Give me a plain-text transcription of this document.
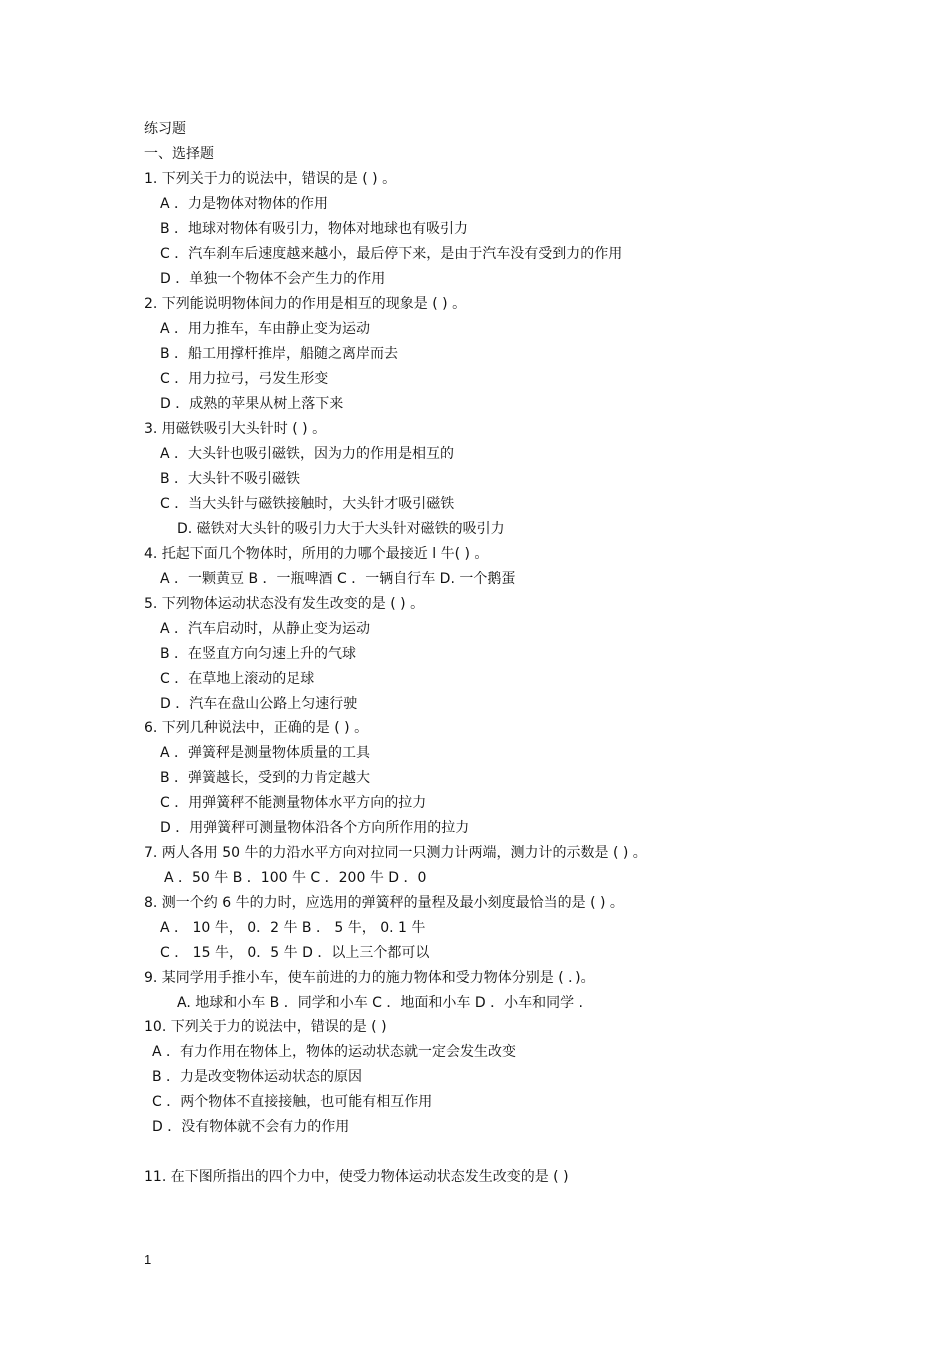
练习题
一、选择题
1. 下列关于力的说法中，错误的是 ( ) 。
A ．力是物体对物体的作用
B ．地球对物体有吸引力，物体对地球也有吸引力
C ．汽车刹车后速度越来越小，最后停下来，是由于汽车没有受到力的作用
D ．单独一个物体不会产生力的作用
2. 下列能说明物体间力的作用是相互的现象是 ( ) 。
A ．用力推车，车由静止变为运动
B ．船工用撑杆推岸，船随之离岸而去
C ．用力拉弓，弓发生形变
D ．成熟的苹果从树上落下来
3. 用磁铁吸引大头针时 ( ) 。
A ．大头针也吸引磁铁，因为力的作用是相互的
B ．大头针不吸引磁铁
C ．当大头针与磁铁接触时，大头针才吸引磁铁
D. 磁铁对大头针的吸引力大于大头针对磁铁的吸引力
4. 托起下面几个物体时，所用的力哪个最接近 l 牛( ) 。
A ．一颗黄豆 B ．一瓶啤酒 C ．一辆自行车 D. 一个鹅蛋
5. 下列物体运动状态没有发生改变的是 ( ) 。
A ．汽车启动时，从静止变为运动
B ．在竖直方向匀速上升的气球
C ．在草地上滚动的足球
D ．汽车在盘山公路上匀速行驶
6. 下列几种说法中，正确的是 ( ) 。
A ．弹簧秤是测量物体质量的工具
B ．弹簧越长，受到的力肯定越大
C ．用弹簧秤不能测量物体水平方向的拉力
D ．用弹簧秤可测量物体沿各个方向所作用的拉力
7. 两人各用 50 牛的力沿水平方向对拉同一只测力计两端，测力计的示数是 ( ) 。
A ．50 牛 B ．100 牛 C ．200 牛 D ．0
8. 测一个约 6 牛的力时，应选用的弹簧秤的量程及最小刻度最恰当的是 ( ) 。
A ． 10 牛， 0．2 牛 B ． 5 牛， 0. 1 牛
C ． 15 牛， 0．5 牛 D ．以上三个都可以
9. 某同学用手推小车，使车前进的力的施力物体和受力物体分别是 ( ．)。
A. 地球和小车 B ．同学和小车 C ．地面和小车 D ．小车和同学 .
10. 下列关于力的说法中，错误的是 ( )
A ．有力作用在物体上，物体的运动状态就一定会发生改变
B ．力是改变物体运动状态的原因
C ．两个物体不直接接触，也可能有相互作用
D ．没有物体就不会有力的作用
11. 在下图所指出的四个力中，使受力物体运动状态发生改变的是 ( )
1
